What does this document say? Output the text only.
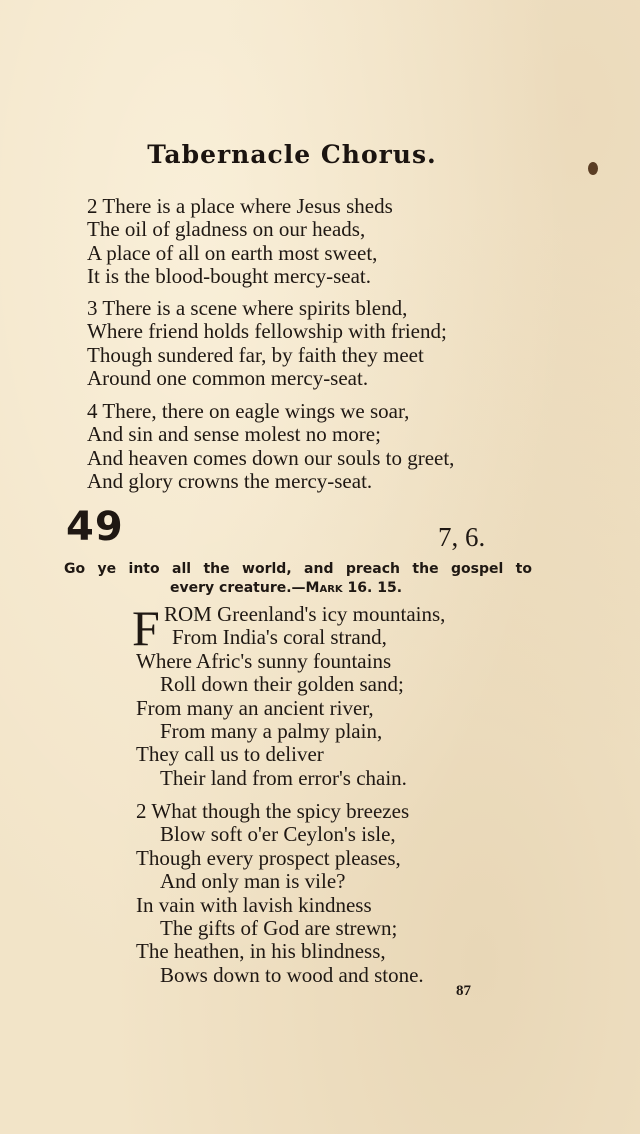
Tabernacle Chorus.
2 There is a place where Jesus sheds
The oil of gladness on our heads,
A place of all on earth most sweet,
It is the blood-bought mercy-seat.
3 There is a scene where spirits blend,
Where friend holds fellowship with friend;
Though sundered far, by faith they meet
Around one common mercy-seat.
4 There, there on eagle wings we soar,
And sin and sense molest no more;
And heaven comes down our souls to greet,
And glory crowns the mercy-seat.
49	7, 6.
Go ye into all the world, and preach the gospel to
every creature.—Mark 16. 15.
F ROM Greenland's icy mountains,
From India's coral strand,
Where Afric's sunny fountains
Roll down their golden sand;
From many an ancient river,
From many a palmy plain,
They call us to deliver
Their land from error's chain.
2 What though the spicy breezes
Blow soft o'er Ceylon's isle,
Though every prospect pleases,
And only man is vile?
In vain with lavish kindness
The gifts of God are strewn;
The heathen, in his blindness,
Bows down to wood and stone.
87
